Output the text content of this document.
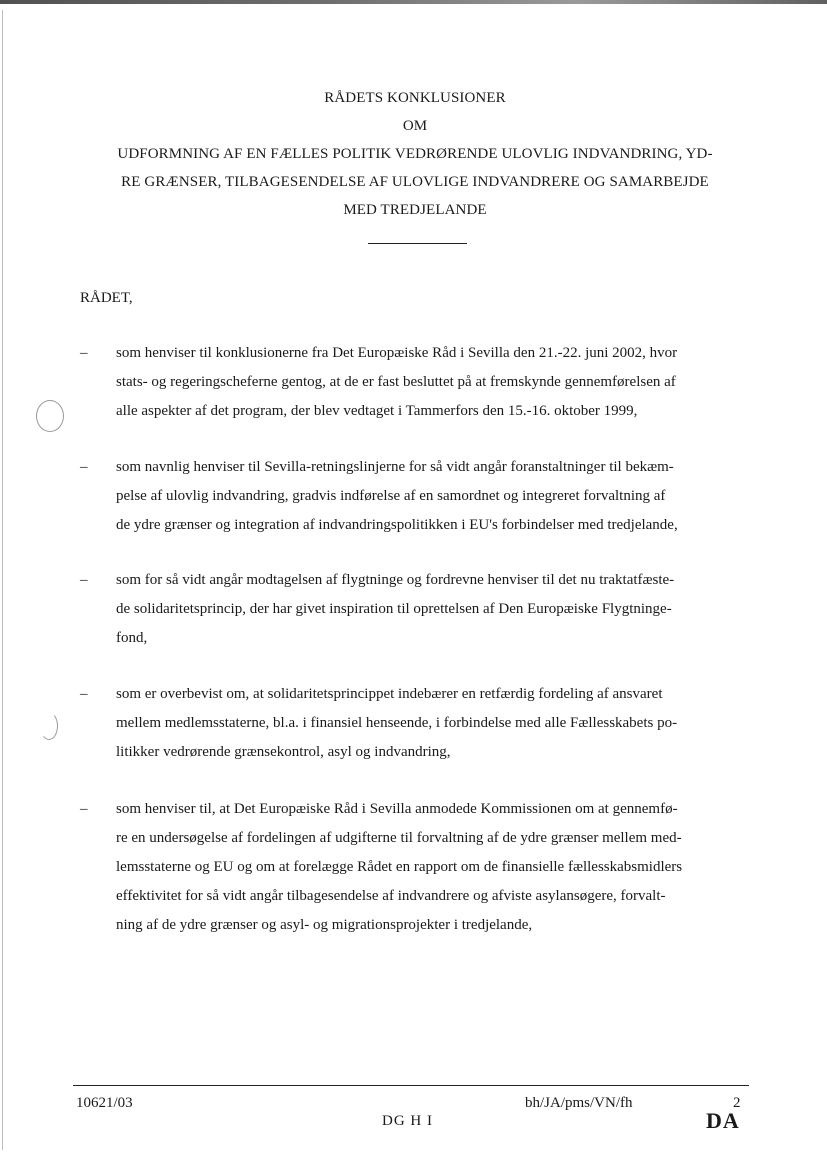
RÅDETS KONKLUSIONER
OM
UDFORMNING AF EN FÆLLES POLITIK VEDRØRENDE ULOVLIG INDVANDRING, YD-
RE GRÆNSER, TILBAGESENDELSE AF ULOVLIGE INDVANDRERE OG SAMARBEJDE
MED TREDJELANDE
RÅDET,
– som henviser til konklusionerne fra Det Europæiske Råd i Sevilla den 21.-22. juni 2002, hvor
stats- og regeringscheferne gentog, at de er fast besluttet på at fremskynde gennemførelsen af
alle aspekter af det program, der blev vedtaget i Tammerfors den 15.-16. oktober 1999,
– som navnlig henviser til Sevilla-retningslinjerne for så vidt angår foranstaltninger til bekæm-
pelse af ulovlig indvandring, gradvis indførelse af en samordnet og integreret forvaltning af
de ydre grænser og integration af indvandringspolitikken i EU's forbindelser med tredjelande,
– som for så vidt angår modtagelsen af flygtninge og fordrevne henviser til det nu traktatfæste-
de solidaritetsprincip, der har givet inspiration til oprettelsen af Den Europæiske Flygtninge-
fond,
– som er overbevist om, at solidaritetsprincippet indebærer en retfærdig fordeling af ansvaret
mellem medlemsstaterne, bl.a. i finansiel henseende, i forbindelse med alle Fællesskabets po-
litikker vedrørende grænsekontrol, asyl og indvandring,
– som henviser til, at Det Europæiske Råd i Sevilla anmodede Kommissionen om at gennemfø-
re en undersøgelse af fordelingen af udgifterne til forvaltning af de ydre grænser mellem med-
lemsstaterne og EU og om at forelægge Rådet en rapport om de finansielle fællesskabsmidlers
effektivitet for så vidt angår tilbagesendelse af indvandrere og afviste asylansøgere, forvalt-
ning af de ydre grænser og asyl- og migrationsprojekter i tredjelande,
10621/03	bh/JA/pms/VN/fh	2
DG H I	DA
